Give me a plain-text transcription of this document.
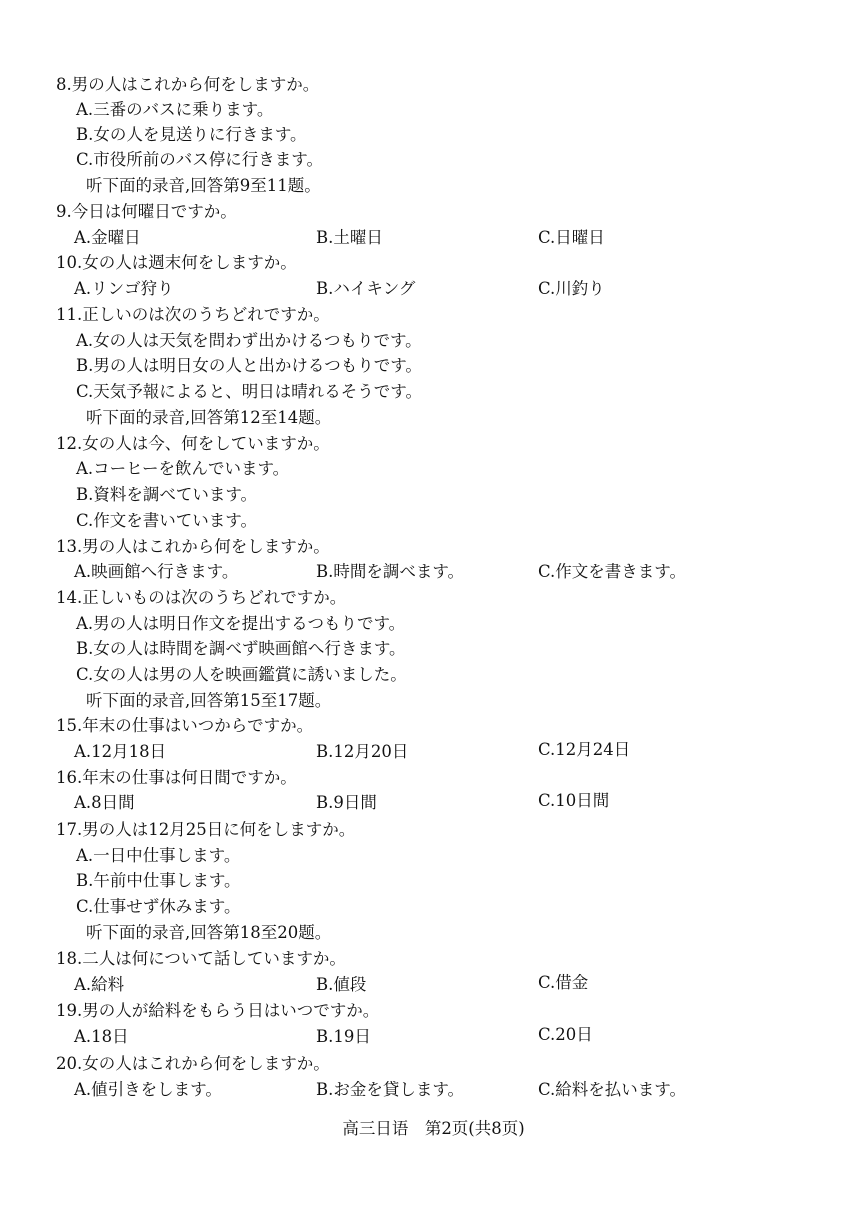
8.男の人はこれから何をしますか。
A.三番のバスに乗ります。
B.女の人を見送りに行きます。
C.市役所前のバス停に行きます。
听下面的录音,回答第9至11题。
9.今日は何曜日ですか。
A.金曜日	B.土曜日	C.日曜日
10.女の人は週末何をしますか。
A.リンゴ狩り	B.ハイキング	C.川釣り
11.正しいのは次のうちどれですか。
A.女の人は天気を問わず出かけるつもりです。
B.男の人は明日女の人と出かけるつもりです。
C.天気予報によると、明日は晴れるそうです。
听下面的录音,回答第12至14题。
12.女の人は今、何をしていますか。
A.コーヒーを飲んでいます。
B.資料を調べています。
C.作文を書いています。
13.男の人はこれから何をしますか。
A.映画館へ行きます。	B.時間を調べます。	C.作文を書きます。
14.正しいものは次のうちどれですか。
A.男の人は明日作文を提出するつもりです。
B.女の人は時間を調べず映画館へ行きます。
C.女の人は男の人を映画鑑賞に誘いました。
听下面的录音,回答第15至17题。
15.年末の仕事はいつからですか。
A.12月18日	B.12月20日	C.12月24日
16.年末の仕事は何日間ですか。
A.8日間	B.9日間	C.10日間
17.男の人は12月25日に何をしますか。
A.一日中仕事します。
B.午前中仕事します。
C.仕事せず休みます。
听下面的录音,回答第18至20题。
18.二人は何について話していますか。
A.給料	B.値段	C.借金
19.男の人が給料をもらう日はいつですか。
A.18日	B.19日	C.20日
20.女の人はこれから何をしますか。
A.値引きをします。	B.お金を貸します。	C.給料を払います。
高三日语　第2页(共8页)
